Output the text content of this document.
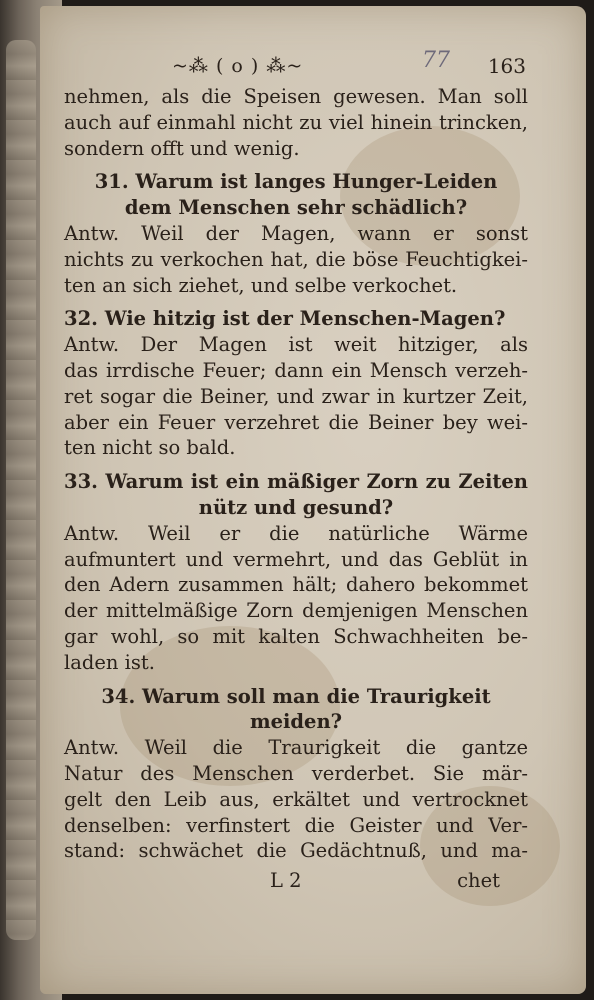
~⁂ ( o ) ⁂~	77 163
nehmen, als die Speisen gewesen. Man soll
auch auf einmahl nicht zu viel hinein trincken,
sondern offt und wenig.
31. Warum ist langes Hunger-Leiden
dem Menschen sehr schädlich?
Antw. Weil der Magen, wann er sonst
nichts zu verkochen hat, die böse Feuchtigkei-
ten an sich ziehet, und selbe verkochet.
32. Wie hitzig ist der Menschen-Magen?
Antw. Der Magen ist weit hitziger, als
das irrdische Feuer; dann ein Mensch verzeh-
ret sogar die Beiner, und zwar in kurtzer Zeit,
aber ein Feuer verzehret die Beiner bey wei-
ten nicht so bald.
33. Warum ist ein mäßiger Zorn zu Zeiten
nütz und gesund?
Antw. Weil er die natürliche Wärme
aufmuntert und vermehrt, und das Geblüt in
den Adern zusammen hält; dahero bekommet
der mittelmäßige Zorn demjenigen Menschen
gar wohl, so mit kalten Schwachheiten be-
laden ist.
34. Warum soll man die Traurigkeit
meiden?
Antw. Weil die Traurigkeit die gantze
Natur des Menschen verderbet. Sie mär-
gelt den Leib aus, erkältet und vertrocknet
denselben: verfinstert die Geister und Ver-
stand: schwächet die Gedächtnuß, und ma-
L 2	chet
